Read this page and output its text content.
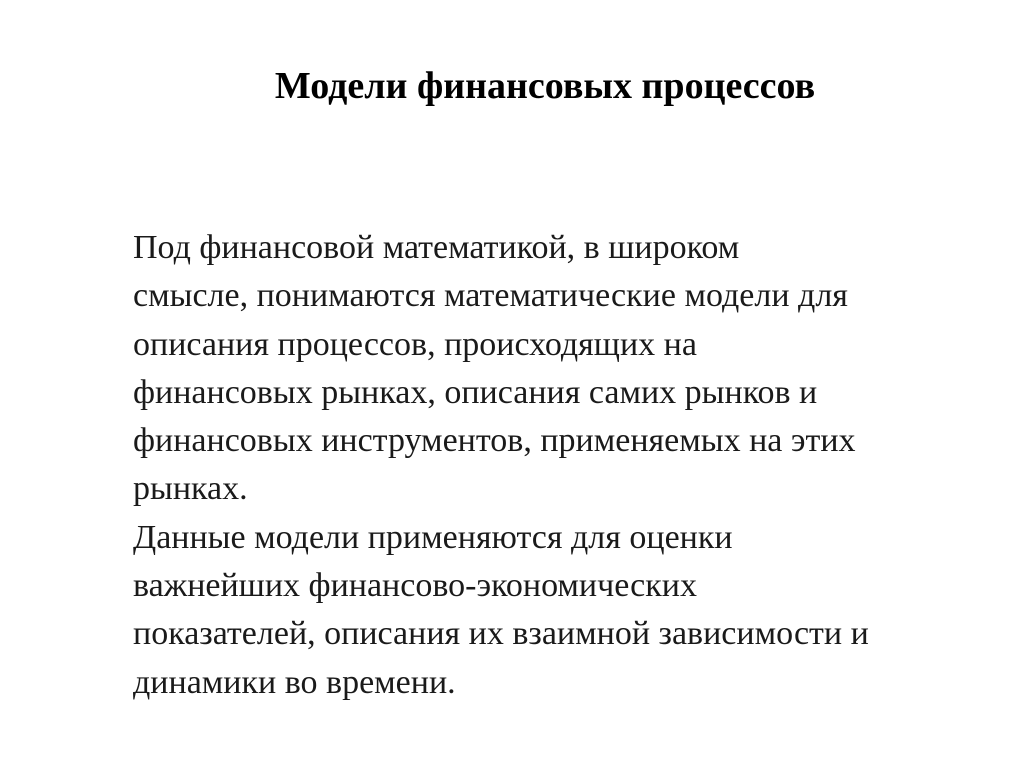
Модели финансовых процессов
Под финансовой математикой, в широком
смысле, понимаются математические модели для
описания процессов, происходящих на
финансовых рынках, описания самих рынков и
финансовых инструментов, применяемых на этих
рынках.
Данные модели применяются для оценки
важнейших финансово-экономических
показателей, описания их взаимной зависимости и
динамики во времени.
